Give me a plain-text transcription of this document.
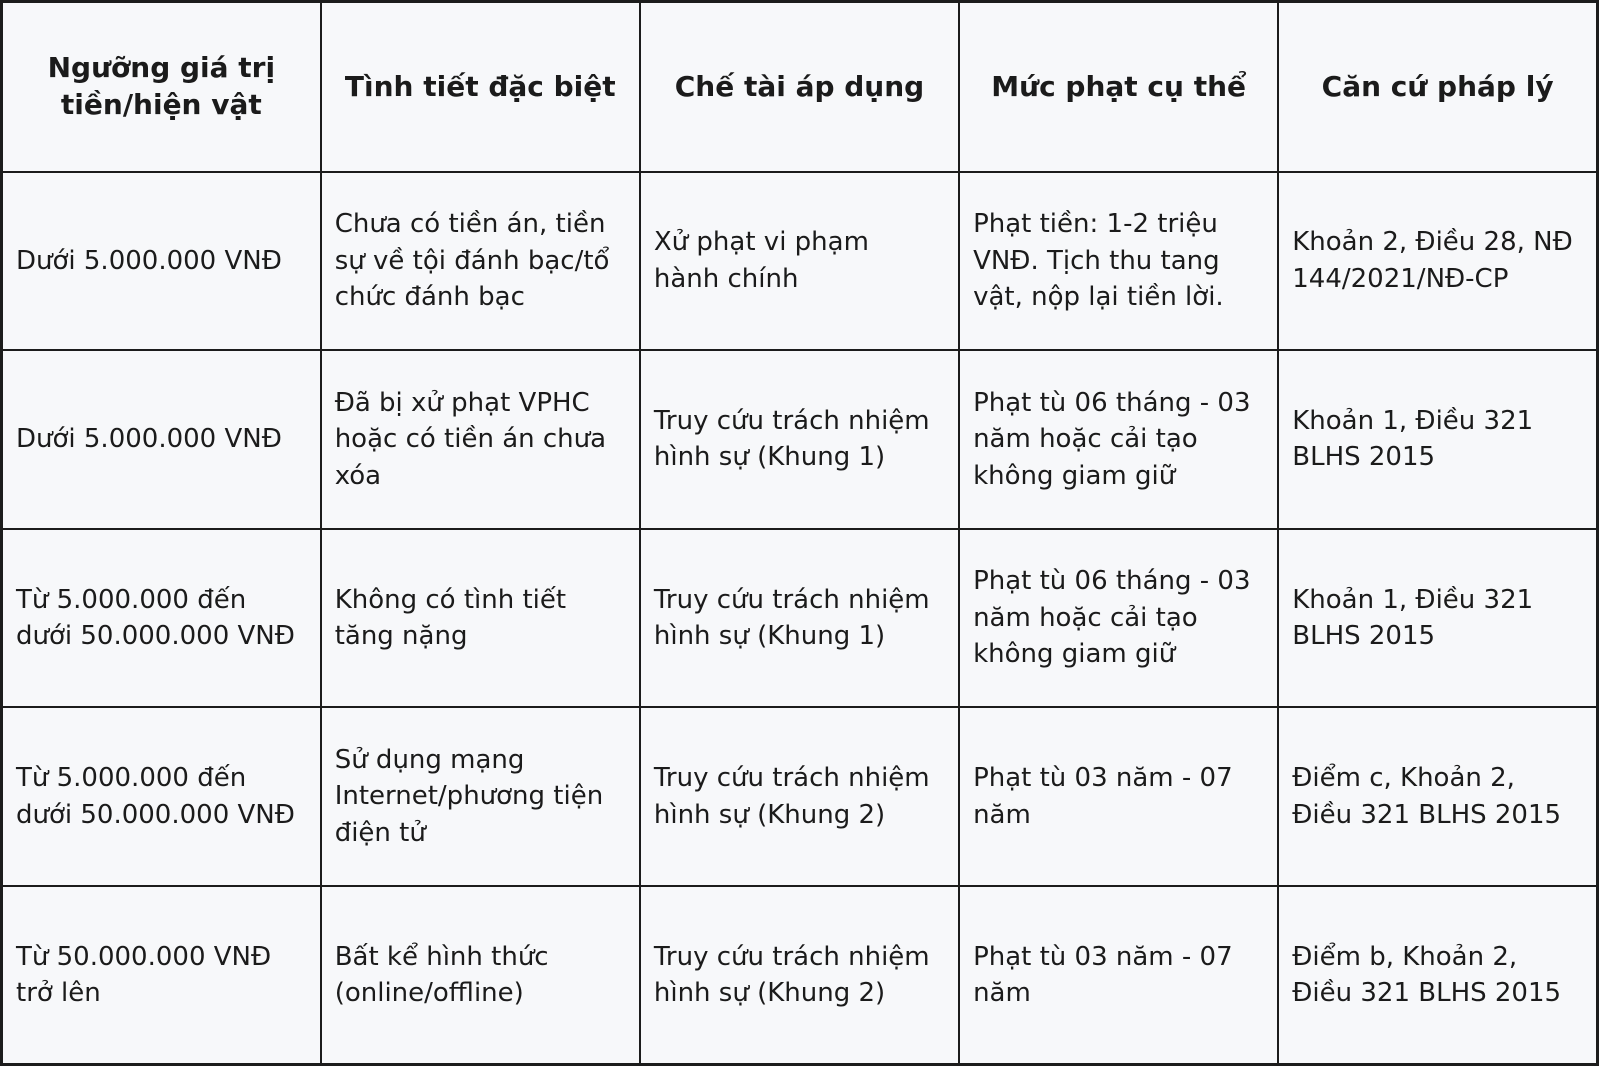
Ngưỡng giá trị tiền/hiện vật	Tình tiết đặc biệt	Chế tài áp dụng	Mức phạt cụ thể	Căn cứ pháp lý
Dưới 5.000.000 VNĐ	Chưa có tiền án, tiền sự về tội đánh bạc/tổ chức đánh bạc	Xử phạt vi phạm hành chính	Phạt tiền: 1-2 triệu VNĐ. Tịch thu tang vật, nộp lại tiền lời.	Khoản 2, Điều 28, NĐ 144/2021/NĐ-CP
Dưới 5.000.000 VNĐ	Đã bị xử phạt VPHC hoặc có tiền án chưa xóa	Truy cứu trách nhiệm hình sự (Khung 1)	Phạt tù 06 tháng - 03 năm hoặc cải tạo không giam giữ	Khoản 1, Điều 321 BLHS 2015
Từ 5.000.000 đến dưới 50.000.000 VNĐ	Không có tình tiết tăng nặng	Truy cứu trách nhiệm hình sự (Khung 1)	Phạt tù 06 tháng - 03 năm hoặc cải tạo không giam giữ	Khoản 1, Điều 321 BLHS 2015
Từ 5.000.000 đến dưới 50.000.000 VNĐ	Sử dụng mạng Internet/phương tiện điện tử	Truy cứu trách nhiệm hình sự (Khung 2)	Phạt tù 03 năm - 07 năm	Điểm c, Khoản 2, Điều 321 BLHS 2015
Từ 50.000.000 VNĐ trở lên	Bất kể hình thức (online/offline)	Truy cứu trách nhiệm hình sự (Khung 2)	Phạt tù 03 năm - 07 năm	Điểm b, Khoản 2, Điều 321 BLHS 2015
